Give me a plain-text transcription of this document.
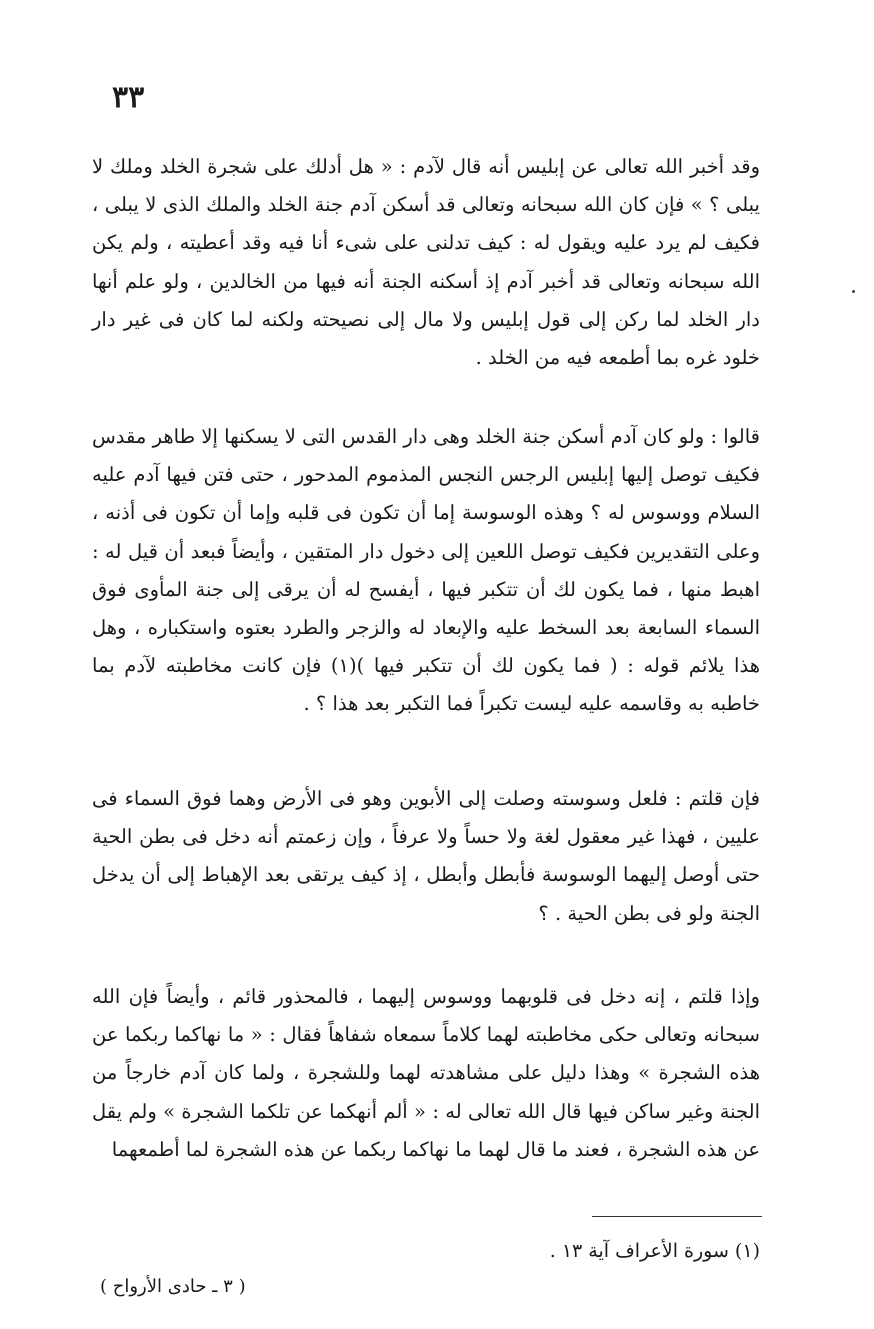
٣٣

وقد أخبر الله تعالى عن إبليس أنه قال لآدم : « هل أدلك على شجرة الخلد وملك لا يبلى ؟ » فإن كان الله سبحانه وتعالى قد أسكن آدم جنة الخلد والملك الذى لا يبلى ، فكيف لم يرد عليه ويقول له : كيف تدلنى على شىء أنا فيه وقد أعطيته ، ولم يكن الله سبحانه وتعالى قد أخبر آدم إذ أسكنه الجنة أنه فيها من الخالدين ، ولو علم أنها دار الخلد لما ركن إلى قول إبليس ولا مال إلى نصيحته ولكنه لما كان فى غير دار خلود غره بما أطمعه فيه من الخلد .

قالوا : ولو كان آدم أسكن جنة الخلد وهى دار القدس التى لا يسكنها إلا طاهر مقدس فكيف توصل إليها إبليس الرجس النجس المذموم المدحور ، حتى فتن فيها آدم عليه السلام ووسوس له ؟ وهذه الوسوسة إما أن تكون فى قلبه وإما أن تكون فى أذنه ، وعلى التقديرين فكيف توصل اللعين إلى دخول دار المتقين ، وأيضاً فبعد أن قيل له : اهبط منها ، فما يكون لك أن تتكبر فيها ، أيفسح له أن يرقى إلى جنة المأوى فوق السماء السابعة بعد السخط عليه والإبعاد له والزجر والطرد بعتوه واستكباره ، وهل هذا يلائم قوله : ( فما يكون لك أن تتكبر فيها )(١) فإن كانت مخاطبته لآدم بما خاطبه به وقاسمه عليه ليست تكبراً فما التكبر بعد هذا ؟ .

فإن قلتم : فلعل وسوسته وصلت إلى الأبوين وهو فى الأرض وهما فوق السماء فى عليين ، فهذا غير معقول لغة ولا حساً ولا عرفاً ، وإن زعمتم أنه دخل فى بطن الحية حتى أوصل إليهما الوسوسة فأبطل وأبطل ، إذ كيف يرتقى بعد الإهباط إلى أن يدخل الجنة ولو فى بطن الحية . ؟

وإذا قلتم ، إنه دخل فى قلوبهما ووسوس إليهما ، فالمحذور قائم ، وأيضاً فإن الله سبحانه وتعالى حكى مخاطبته لهما كلاماً سمعاه شفاهاً فقال : « ما نهاكما ربكما عن هذه الشجرة » وهذا دليل على مشاهدته لهما وللشجرة ، ولما كان آدم خارجاً من الجنة وغير ساكن فيها قال الله تعالى له : « ألم أنهكما عن تلكما الشجرة » ولم يقل عن هذه الشجرة ، فعند ما قال لهما ما نهاكما ربكما عن هذه الشجرة لما أطمعهما

(١) سورة الأعراف آية ١٣ .
( ٣ ـ حادى الأرواح )
